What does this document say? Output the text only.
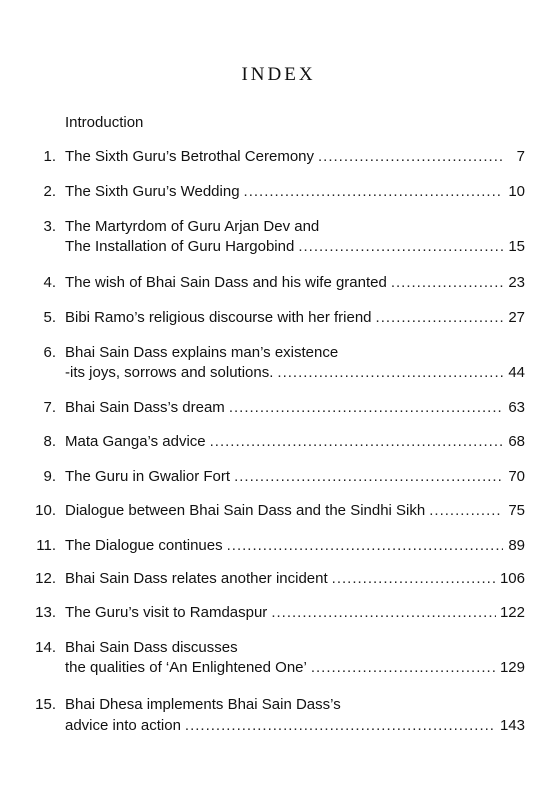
INDEX
Introduction
1. The Sixth Guru’s Betrothal Ceremony .....	7
2. The Sixth Guru’s Wedding .....	10
3. The Martyrdom of Guru Arjan Dev and
The Installation of Guru Hargobind .....	15
4. The wish of Bhai Sain Dass and his wife granted .....	23
5. Bibi Ramo’s religious discourse with her friend .....	27
6. Bhai Sain Dass explains man’s existence
-its joys, sorrows and solutions. .....	44
7. Bhai Sain Dass’s dream .....	63
8. Mata Ganga’s advice .....	68
9. The Guru in Gwalior Fort .....	70
10. Dialogue between Bhai Sain Dass and the Sindhi Sikh .....	75
11. The Dialogue continues .....	89
12. Bhai Sain Dass relates another incident .....	106
13. The Guru’s visit to Ramdaspur .....	122
14. Bhai Sain Dass discusses
the qualities of ‘An Enlightened One’ .....	129
15. Bhai Dhesa implements Bhai Sain Dass’s
advice into action .....	143
